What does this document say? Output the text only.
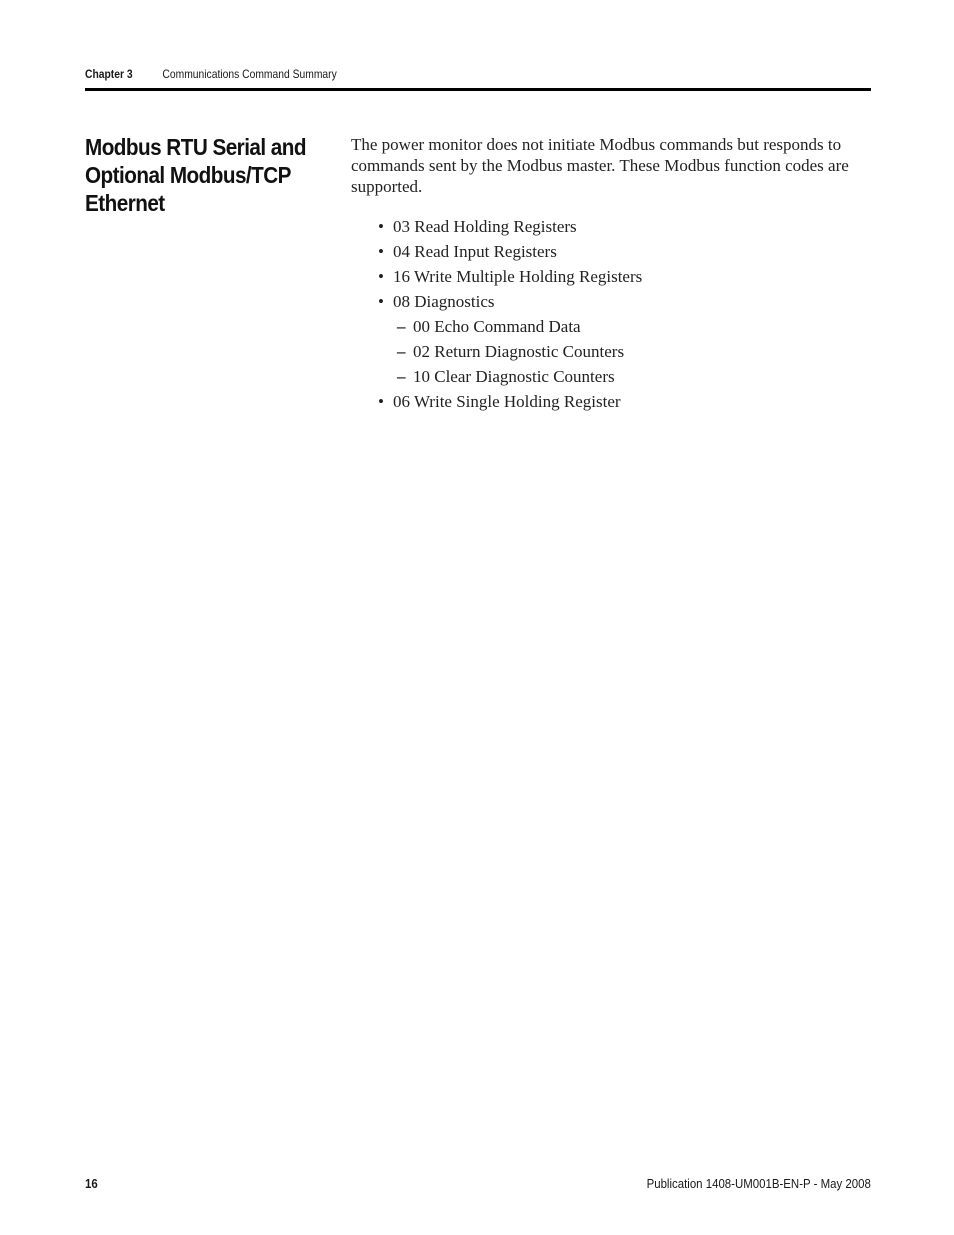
Chapter 3 Communications Command Summary
Modbus RTU Serial and Optional Modbus/TCP Ethernet

The power monitor does not initiate Modbus commands but responds to commands sent by the Modbus master. These Modbus function codes are supported.

• 03 Read Holding Registers
• 04 Read Input Registers
• 16 Write Multiple Holding Registers
• 08 Diagnostics
– 00 Echo Command Data
– 02 Return Diagnostic Counters
– 10 Clear Diagnostic Counters
• 06 Write Single Holding Register
16	Publication 1408-UM001B-EN-P - May 2008
